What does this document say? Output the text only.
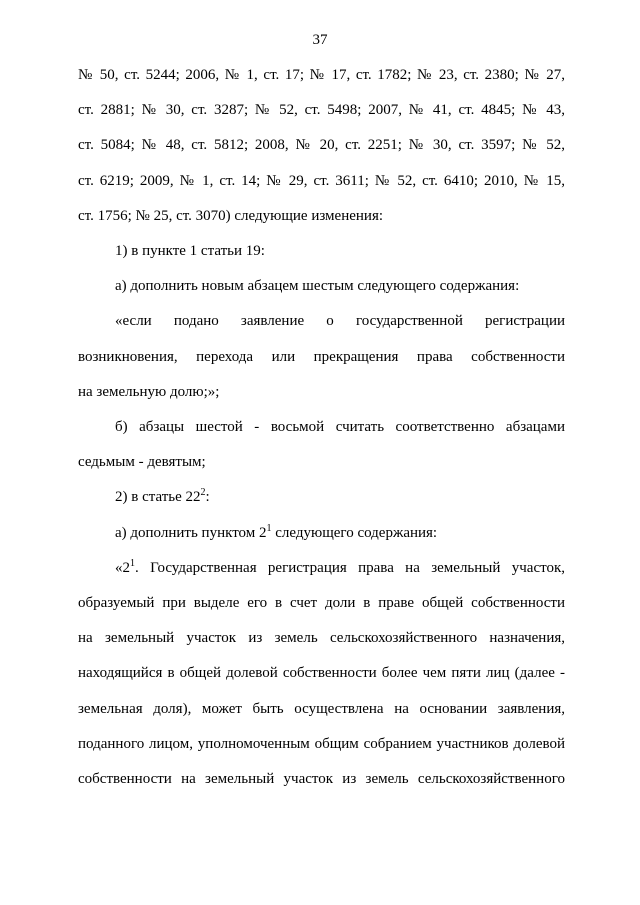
37
№ 50, ст. 5244; 2006, № 1, ст. 17; № 17, ст. 1782; № 23, ст. 2380; № 27,
ст. 2881; № 30, ст. 3287; № 52, ст. 5498; 2007, № 41, ст. 4845; № 43,
ст. 5084; № 48, ст. 5812; 2008, № 20, ст. 2251; № 30, ст. 3597; № 52,
ст. 6219; 2009, № 1, ст. 14; № 29, ст. 3611; № 52, ст. 6410; 2010, № 15,
ст. 1756; № 25, ст. 3070) следующие изменения:
1) в пункте 1 статьи 19:
а) дополнить новым абзацем шестым следующего содержания:
«если подано заявление о государственной регистрации
возникновения, перехода или прекращения права собственности
на земельную долю;»;
б) абзацы шестой - восьмой считать соответственно абзацами
седьмым - девятым;
2) в статье $22^2$:
а) дополнить пунктом $2^1$ следующего содержания:
«$2^1$. Государственная регистрация права на земельный участок,
образуемый при выделе его в счет доли в праве общей собственности
на земельный участок из земель сельскохозяйственного назначения,
находящийся в общей долевой собственности более чем пяти лиц (далее -
земельная доля), может быть осуществлена на основании заявления,
поданного лицом, уполномоченным общим собранием участников долевой
собственности на земельный участок из земель сельскохозяйственного
